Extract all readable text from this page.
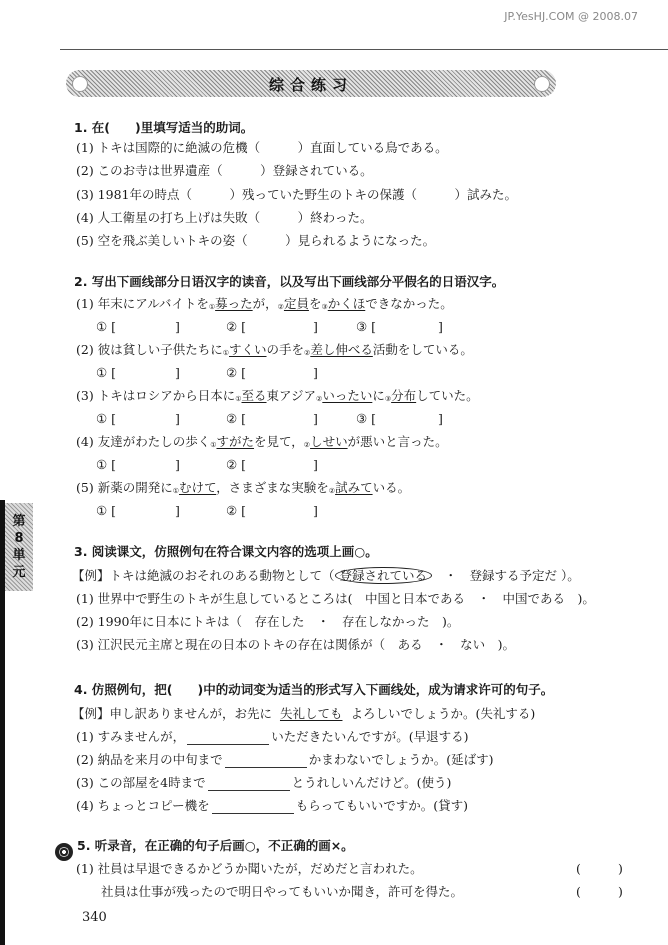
JP.YesHJ.COM @ 2008.07
第
8
単
元
综合练习
1. 在(　　)里填写适当的助词。
(1) トキは国際的に絶滅の危機（　　　）直面している鳥である。
(2) このお寺は世界遺産（　　　）登録されている。
(3) 1981年の時点（　　　）残っていた野生のトキの保護（　　　）試みた。
(4) 人工衛星の打ち上げは失敗（　　　）終わった。
(5) 空を飛ぶ美しいトキの姿（　　　）見られるようになった。
2. 写出下画线部分日语汉字的读音，以及写出下画线部分平假名的日语汉字。
(1) 年末にアルバイトを$_①$募ったが，$_②$定員を$_③$かくほできなかった。
① [	]	② [	]	③ [	]
(2) 彼は貧しい子供たちに$_①$すくいの手を$_②$差し伸べる活動をしている。
① [	]	② [	]
(3) トキはロシアから日本に$_①$至る東アジア$_②$いったいに$_③$分布していた。
① [	]	② [	]	③ [	]
(4) 友達がわたしの歩く$_①$すがたを見て，$_②$しせいが悪いと言った。
① [	]	② [	]
(5) 新薬の開発に$_①$むけて，さまざまな実験を$_②$試みている。
① [	]	② [	]
3. 阅读课文，仿照例句在符合课文内容的选项上画○。
【例】トキは絶滅のおそれのある動物として（ 登録されている　 ・　登録する予定だ ）。
(1) 世界中で野生のトキが生息しているところは(　中国と日本である　・　中国である　)。
(2) 1990年に日本にトキは（　存在した　・　存在しなかった　)。
(3) 江沢民元主席と現在の日本のトキの存在は関係が（　ある　・　ない　)。
4. 仿照例句，把(　　)中的动词变为适当的形式写入下画线处，成为请求许可的句子。
【例】申し訳ありませんが，お先に 失礼しても よろしいでしょうか。(失礼する)
(1) すみませんが，	いただきたいんですが。(早退する)
(2) 納品を来月の中旬まで	かまわないでしょうか。(延ばす)
(3) この部屋を4時まで	とうれしいんだけど。(使う)
(4) ちょっとコピー機を	もらってもいいですか。(貸す)
5. 听录音，在正确的句子后画○，不正确的画×。
(1) 社員は早退できるかどうか聞いたが，だめだと言われた。	(	)
　　社員は仕事が残ったので明日やってもいいか聞き，許可を得た。	(	)
340
